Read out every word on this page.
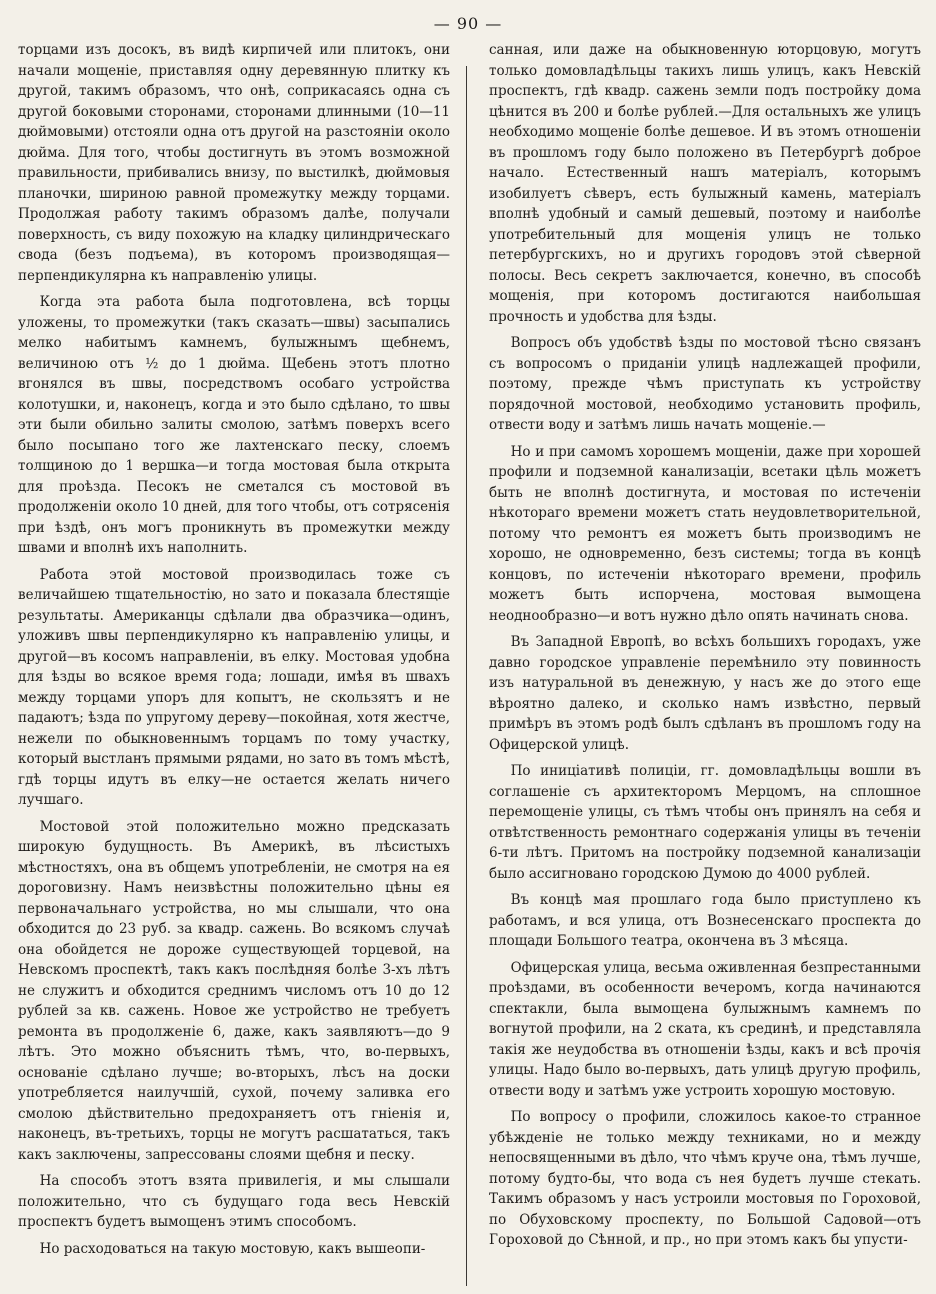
— 90 —

торцами изъ досокъ, въ видѣ кирпичей или плитокъ, они начали мощеніе, приставляя одну деревянную плитку къ другой, такимъ образомъ, что онѣ, соприкасаясь одна съ другой боковыми сторонами, сторонами длинными (10—11 дюймовыми) отстояли одна отъ другой на разстояніи около дюйма. Для того, чтобы достигнуть въ этомъ возможной правильности, прибивались внизу, по выстилкѣ, дюймовыя планочки, шириною равной промежутку между торцами. Продолжая работу такимъ образомъ далѣе, получали поверхность, съ виду похожую на кладку цилиндрическаго свода (безъ подъема), въ которомъ производящая—перпендикулярна къ направленію улицы.

Когда эта работа была подготовлена, всѣ торцы уложены, то промежутки (такъ сказать—швы) засыпались мелко набитымъ камнемъ, булыжнымъ щебнемъ, величиною отъ ½ до 1 дюйма. Щебень этотъ плотно вгонялся въ швы, посредствомъ особаго устройства колотушки, и, наконецъ, когда и это было сдѣлано, то швы эти были обильно залиты смолою, затѣмъ поверхъ всего было посыпано того же лахтенскаго песку, слоемъ толщиною до 1 вершка—и тогда мостовая была открыта для проѣзда. Песокъ не сметался съ мостовой въ продолженіи около 10 дней, для того чтобы, отъ сотрясенія при ѣздѣ, онъ могъ проникнуть въ промежутки между швами и вполнѣ ихъ наполнить.

Работа этой мостовой производилась тоже съ величайшею тщательностію, но зато и показала блестящіе результаты. Американцы сдѣлали два образчика—одинъ, уложивъ швы перпендикулярно къ направленію улицы, и другой—въ косомъ направленіи, въ елку. Мостовая удобна для ѣзды во всякое время года; лошади, имѣя въ швахъ между торцами упоръ для копытъ, не скользятъ и не падаютъ; ѣзда по упругому дереву—покойная, хотя жестче, нежели по обыкновеннымъ торцамъ по тому участку, который выстланъ прямыми рядами, но зато въ томъ мѣстѣ, гдѣ торцы идутъ въ елку—не остается желать ничего лучшаго.

Мостовой этой положительно можно предсказать широкую будущность. Въ Америкѣ, въ лѣсистыхъ мѣстностяхъ, она въ общемъ употребленіи, не смотря на ея дороговизну. Намъ неизвѣстны положительно цѣны ея первоначальнаго устройства, но мы слышали, что она обходится до 23 руб. за квадр. сажень. Во всякомъ случаѣ она обойдется не дороже существующей торцевой, на Невскомъ проспектѣ, такъ какъ послѣдняя болѣе 3-хъ лѣтъ не служитъ и обходится среднимъ числомъ отъ 10 до 12 рублей за кв. сажень. Новое же устройство не требуетъ ремонта въ продолженіе 6, даже, какъ заявляютъ—до 9 лѣтъ. Это можно объяснить тѣмъ, что, во-первыхъ, основаніе сдѣлано лучше; во-вторыхъ, лѣсъ на доски употребляется наилучшій, сухой, почему заливка его смолою дѣйствительно предохраняетъ отъ гніенія и, наконецъ, въ-третьихъ, торцы не могутъ расшататься, такъ какъ заключены, запрессованы слоями щебня и песку.

На способъ этотъ взята привилегія, и мы слышали положительно, что съ будущаго года весь Невскій проспектъ будетъ вымощенъ этимъ способомъ.

Но расходоваться на такую мостовую, какъ вышеопи-

санная, или даже на обыкновенную юторцовую, могутъ только домовладѣльцы такихъ лишь улицъ, какъ Невскій проспектъ, гдѣ квадр. сажень земли подъ постройку дома цѣнится въ 200 и болѣе рублей.—Для остальныхъ же улицъ необходимо мощеніе болѣе дешевое. И въ этомъ отношеніи въ прошломъ году было положено въ Петербургѣ доброе начало. Естественный нашъ матеріалъ, которымъ изобилуетъ сѣверъ, есть булыжный камень, матеріалъ вполнѣ удобный и самый дешевый, поэтому и наиболѣе употребительный для мощенія улицъ не только петербургскихъ, но и другихъ городовъ этой сѣверной полосы. Весь секретъ заключается, конечно, въ способѣ мощенія, при которомъ достигаются наибольшая прочность и удобства для ѣзды.

Вопросъ объ удобствѣ ѣзды по мостовой тѣсно связанъ съ вопросомъ о приданіи улицѣ надлежащей профили, поэтому, прежде чѣмъ приступать къ устройству порядочной мостовой, необходимо установить профиль, отвести воду и затѣмъ лишь начать мощеніе.—

Но и при самомъ хорошемъ мощеніи, даже при хорошей профили и подземной канализаціи, всетаки цѣль можетъ быть не вполнѣ достигнута, и мостовая по истеченіи нѣкотораго времени можетъ стать неудовлетворительной, потому что ремонтъ ея можетъ быть производимъ не хорошо, не одновременно, безъ системы; тогда въ концѣ концовъ, по истеченіи нѣкотораго времени, профиль можетъ быть испорчена, мостовая вымощена неоднообразно—и вотъ нужно дѣло опять начинать снова.

Въ Западной Европѣ, во всѣхъ большихъ городахъ, уже давно городское управленіе перемѣнило эту повинность изъ натуральной въ денежную, у насъ же до этого еще вѣроятно далеко, и сколько намъ извѣстно, первый примѣръ въ этомъ родѣ былъ сдѣланъ въ прошломъ году на Офицерской улицѣ.

По иниціативѣ полиціи, гг. домовладѣльцы вошли въ соглашеніе съ архитекторомъ Мерцомъ, на сплошное перемощеніе улицы, съ тѣмъ чтобы онъ принялъ на себя и отвѣтственность ремонтнаго содержанія улицы въ теченіи 6-ти лѣтъ. Притомъ на постройку подземной канализаціи было ассигновано городскою Думою до 4000 рублей.

Въ концѣ мая прошлаго года было приступлено къ работамъ, и вся улица, отъ Вознесенскаго проспекта до площади Большого театра, окончена въ 3 мѣсяца.

Офицерская улица, весьма оживленная безпрестанными проѣздами, въ особенности вечеромъ, когда начинаются спектакли, была вымощена булыжнымъ камнемъ по вогнутой профили, на 2 ската, къ срединѣ, и представляла такія же неудобства въ отношеніи ѣзды, какъ и всѣ прочія улицы. Надо было во-первыхъ, дать улицѣ другую профиль, отвести воду и затѣмъ уже устроить хорошую мостовую.

По вопросу о профили, сложилось какое-то странное убѣжденіе не только между техниками, но и между непосвященными въ дѣло, что чѣмъ круче она, тѣмъ лучше, потому будто-бы, что вода съ нея будетъ лучше стекать. Такимъ образомъ у насъ устроили мостовыя по Гороховой, по Обуховскому проспекту, по Большой Садовой—отъ Гороховой до Сѣнной, и пр., но при этомъ какъ бы упусти-
